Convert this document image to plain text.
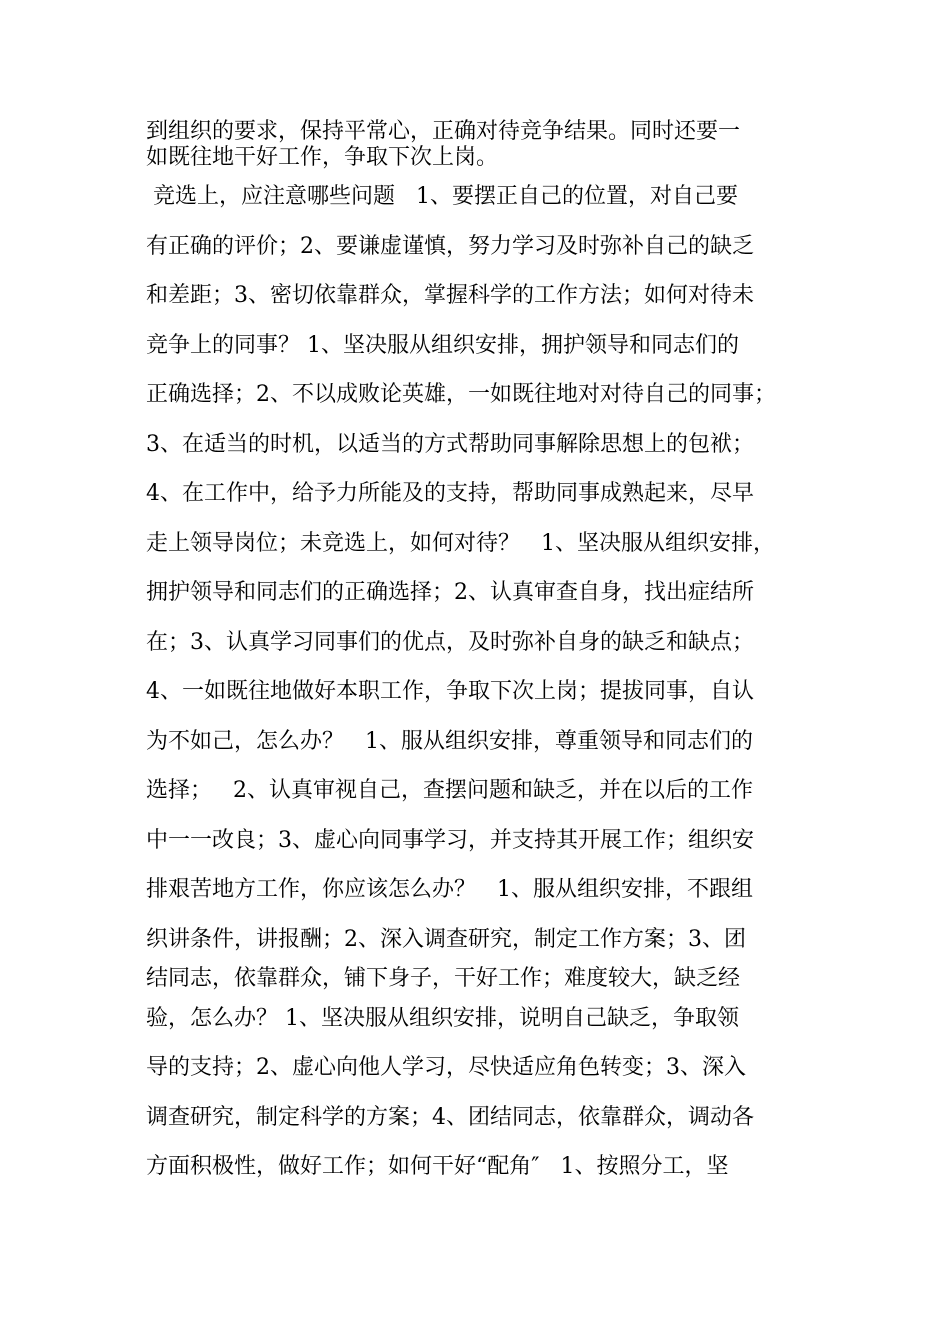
到组织的要求，保持平常心，正确对待竞争结果。同时还要一
如既往地干好工作，争取下次上岗。
竞选上，应注意哪些问题   1、要摆正自己的位置，对自己要
有正确的评价；2、要谦虚谨慎，努力学习及时弥补自己的缺乏
和差距；3、密切依靠群众，掌握科学的工作方法；如何对待未
竞争上的同事？ 1、坚决服从组织安排，拥护领导和同志们的
正确选择；2、不以成败论英雄，一如既往地对对待自己的同事；
3、在适当的时机，以适当的方式帮助同事解除思想上的包袱；
4、在工作中，给予力所能及的支持，帮助同事成熟起来，尽早
走上领导岗位；未竞选上，如何对待？   1、坚决服从组织安排，
拥护领导和同志们的正确选择；2、认真审查自身，找出症结所
在；3、认真学习同事们的优点，及时弥补自身的缺乏和缺点；
4、一如既往地做好本职工作，争取下次上岗；提拔同事，自认
为不如己，怎么办？   1、服从组织安排，尊重领导和同志们的
选择；   2、认真审视自己，查摆问题和缺乏，并在以后的工作
中一一改良；3、虚心向同事学习，并支持其开展工作；组织安
排艰苦地方工作，你应该怎么办？   1、服从组织安排，不跟组
织讲条件，讲报酬；2、深入调查研究，制定工作方案；3、团
结同志，依靠群众，铺下身子，干好工作；难度较大，缺乏经
验，怎么办？ 1、坚决服从组织安排，说明自己缺乏，争取领
导的支持；2、虚心向他人学习，尽快适应角色转变；3、深入
调查研究，制定科学的方案；4、团结同志，依靠群众，调动各
方面积极性，做好工作；如何干好“配角″   1、按照分工，坚
